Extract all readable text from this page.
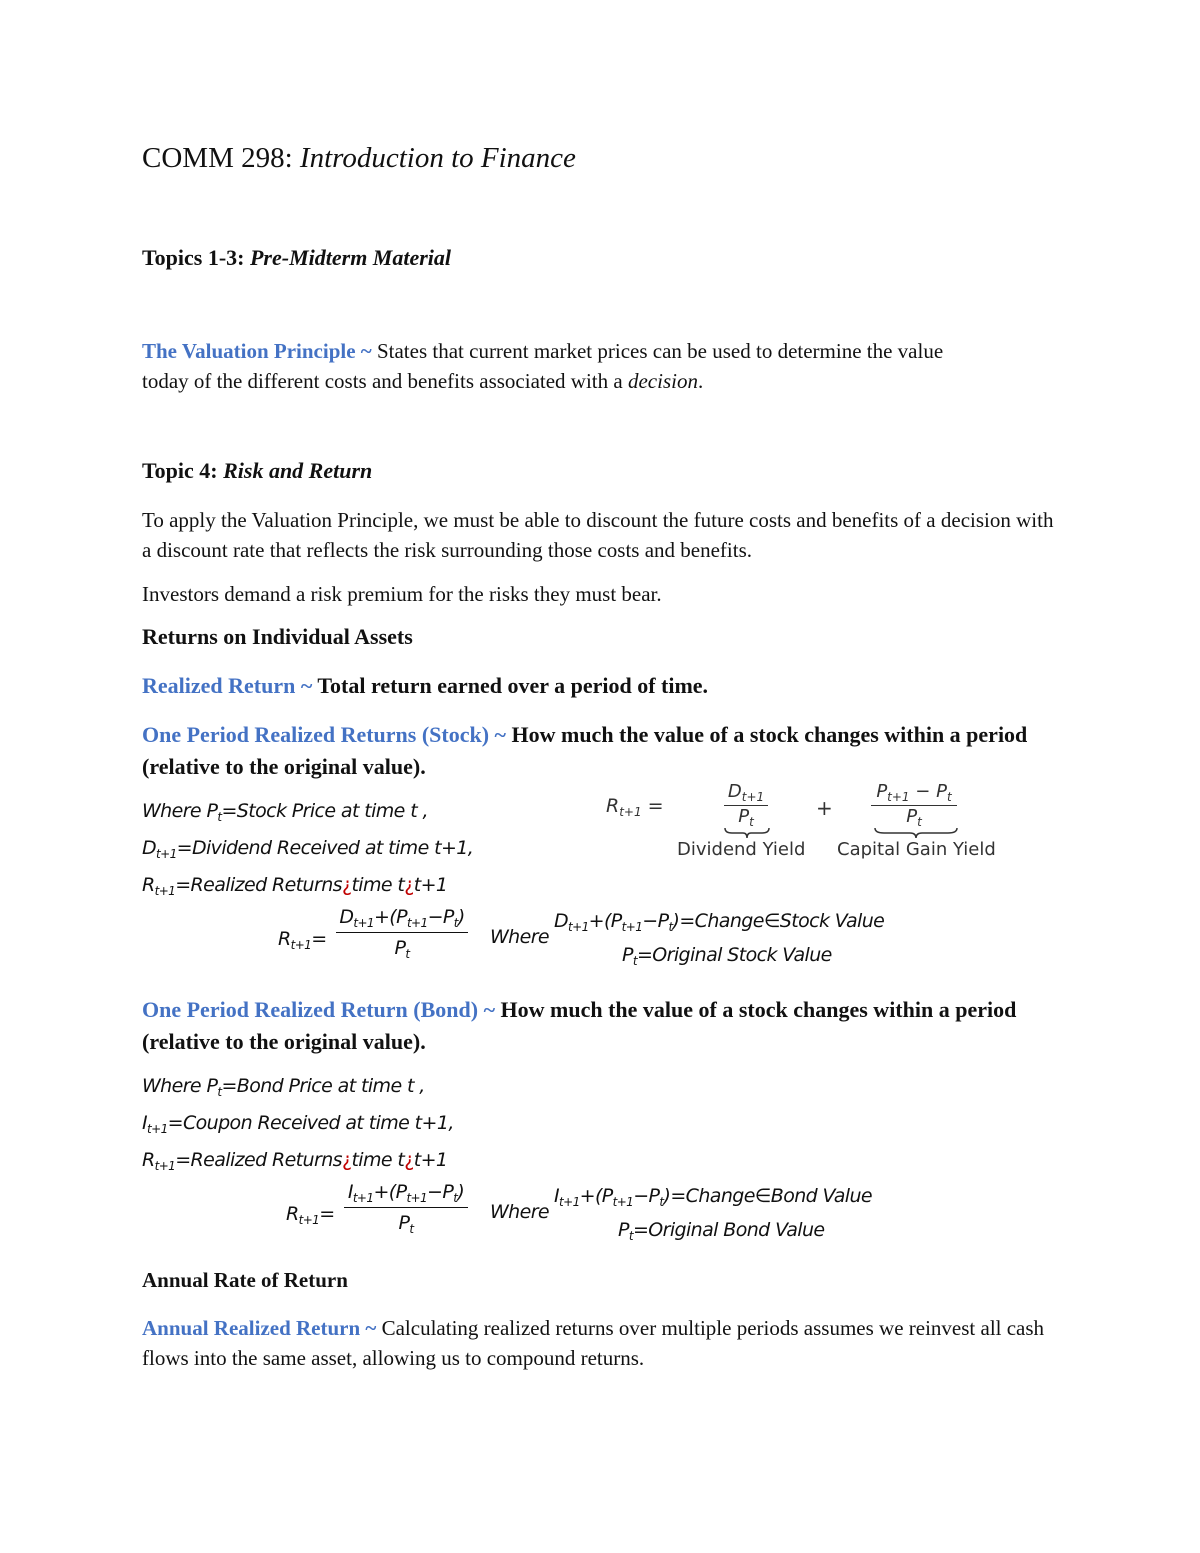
COMM 298: Introduction to Finance
Topics 1-3: Pre-Midterm Material
The Valuation Principle ~ States that current market prices can be used to determine the value
today of the different costs and benefits associated with a decision.
Topic 4: Risk and Return
To apply the Valuation Principle, we must be able to discount the future costs and benefits of a decision with a discount rate that reflects the risk surrounding those costs and benefits.
Investors demand a risk premium for the risks they must bear.
Returns on Individual Assets
Realized Return ~ Total return earned over a period of time.
One Period Realized Returns (Stock) ~ How much the value of a stock changes within a period (relative to the original value).
Where $P_t=Stock$ Price at time t ,
$D_{t+1}=Dividend$ Received at time t+1,
$R_{t+1}=Realized$ Returns¿time t¿t+1
$R_{t+1}$ =
$D_{t+1}$
$P_t$
Dividend Yield
+
$P_{t+1} - P_t$
$P_t$
Capital Gain Yield
$R_{t+1}=$
$D_{t+1}+(P_{t+1}-P_t)$
$P_t$
Where
$D_{t+1}+(P_{t+1}-P_t)=Change\in Stock$ Value
$P_t=Original$ Stock Value
One Period Realized Return (Bond) ~ How much the value of a stock changes within a period (relative to the original value).
Where $P_t=Bond$ Price at time t ,
$I_{t+1}=Coupon$ Received at time t+1,
$R_{t+1}=Realized$ Returns¿time t¿t+1
$R_{t+1}=$
$I_{t+1}+(P_{t+1}-P_t)$
$P_t$
Where
$I_{t+1}+(P_{t+1}-P_t)=Change\in Bond$ Value
$P_t=Original$ Bond Value
Annual Rate of Return
Annual Realized Return ~ Calculating realized returns over multiple periods assumes we reinvest all cash flows into the same asset, allowing us to compound returns.
